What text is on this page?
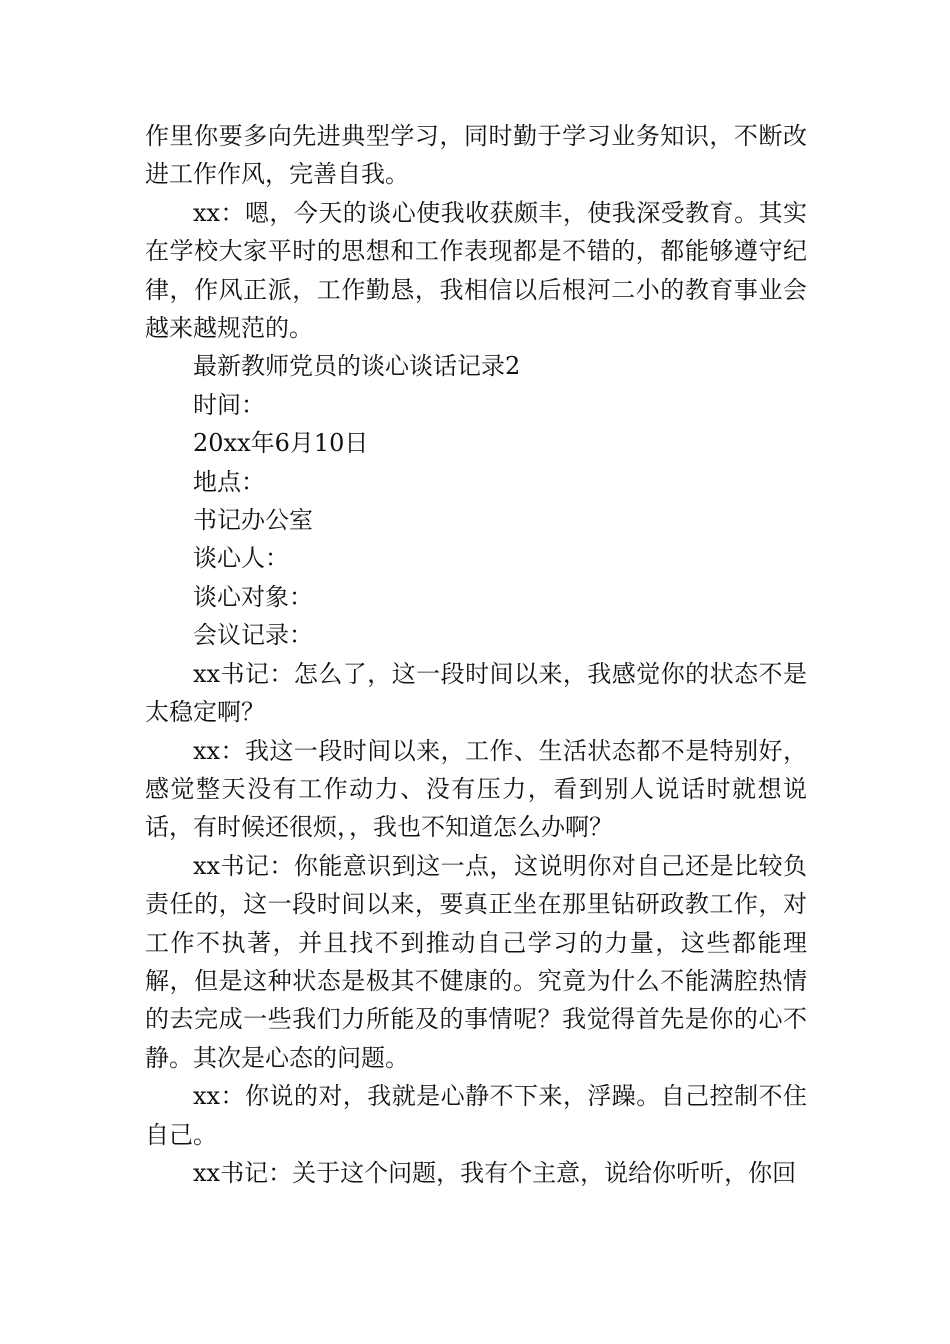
作里你要多向先进典型学习，同时勤于学习业务知识，不断改进工作作风，完善自我。

xx：嗯，今天的谈心使我收获颇丰，使我深受教育。其实在学校大家平时的思想和工作表现都是不错的，都能够遵守纪律，作风正派，工作勤恳，我相信以后根河二小的教育事业会越来越规范的。

最新教师党员的谈心谈话记录2

时间：

20xx年6月10日

地点：

书记办公室

谈心人：

谈心对象：

会议记录：

xx书记：怎么了，这一段时间以来，我感觉你的状态不是太稳定啊？

xx：我这一段时间以来，工作、生活状态都不是特别好，感觉整天没有工作动力、没有压力，看到别人说话时就想说话，有时候还很烦，，我也不知道怎么办啊？

xx书记：你能意识到这一点，这说明你对自己还是比较负责任的，这一段时间以来，要真正坐在那里钻研政教工作，对工作不执著，并且找不到推动自己学习的力量，这些都能理解，但是这种状态是极其不健康的。究竟为什么不能满腔热情的去完成一些我们力所能及的事情呢？我觉得首先是你的心不静。其次是心态的问题。

xx：你说的对，我就是心静不下来，浮躁。自己控制不住自己。

xx书记：关于这个问题，我有个主意，说给你听听，你回
